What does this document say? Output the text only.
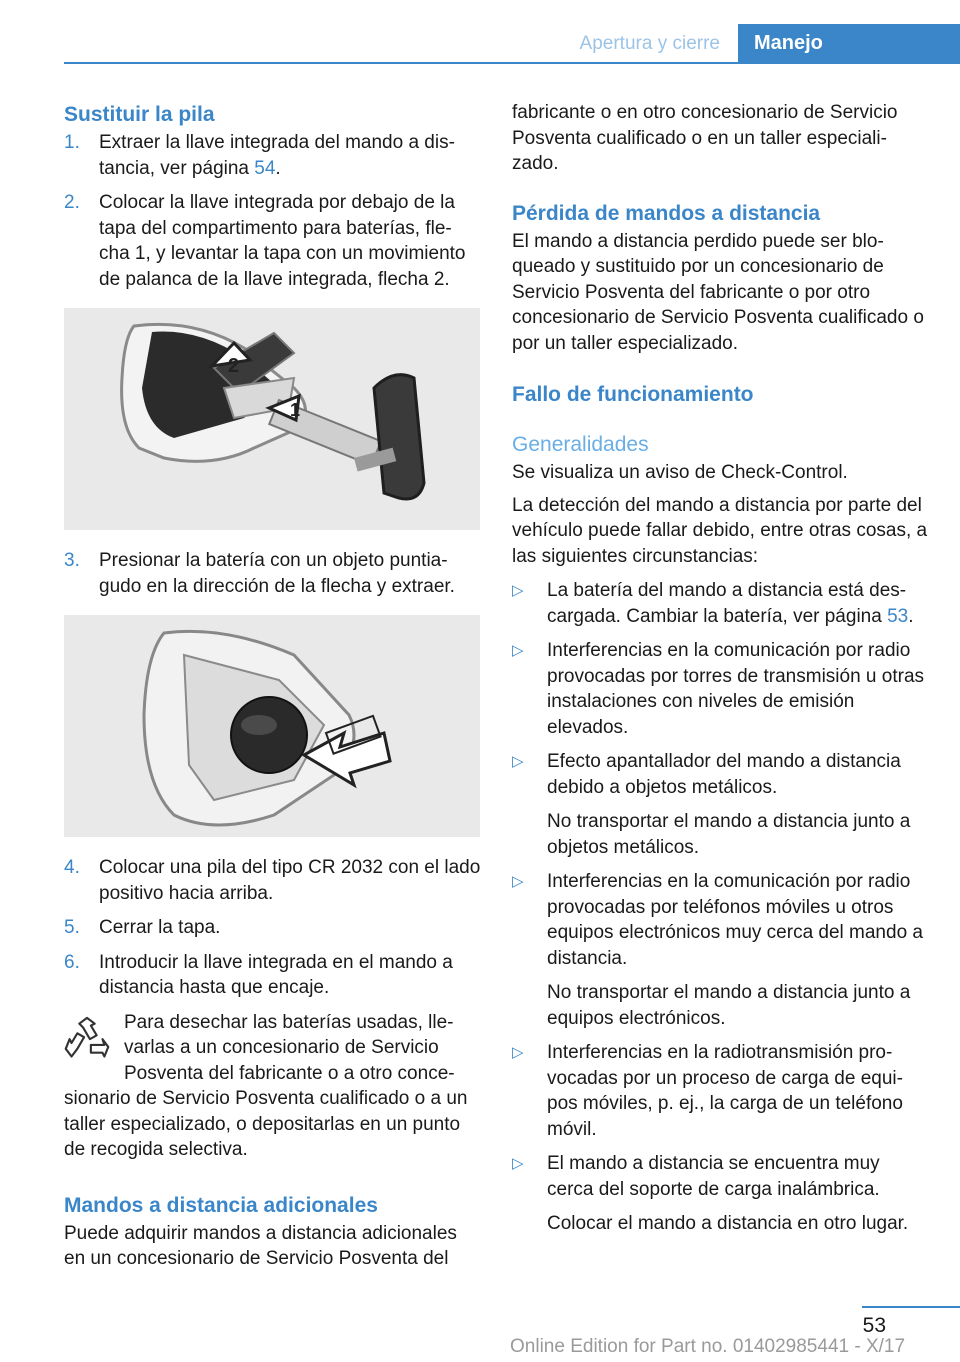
Apertura y cierre	Manejo
Sustituir la pila
1.	Extraer la llave integrada del mando a dis‐ tancia, ver página 54.
2.	Colocar la llave integrada por debajo de la tapa del compartimento para baterías, fle‐ cha 1, y levantar la tapa con un movimiento de palanca de la llave integrada, flecha 2.
2
1
3.	Presionar la batería con un objeto puntia‐ gudo en la dirección de la flecha y extraer.
4.	Colocar una pila del tipo CR 2032 con el lado positivo hacia arriba.
5.	Cerrar la tapa.
6.	Introducir la llave integrada en el mando a distancia hasta que encaje.

Para desechar las baterías usadas, lle‐ varlas a un concesionario de Servicio Posventa del fabricante o a otro conce‐ sionario de Servicio Posventa cualificado o a un taller especializado, o depositarlas en un punto de recogida selectiva.

Mandos a distancia adicionales

Puede adquirir mandos a distancia adicionales en un concesionario de Servicio Posventa del

fabricante o en otro concesionario de Servicio Posventa cualificado o en un taller especiali‐ zado.

Pérdida de mandos a distancia

El mando a distancia perdido puede ser blo‐ queado y sustituido por un concesionario de Servicio Posventa del fabricante o por otro concesionario de Servicio Posventa cualificado o por un taller especializado.

Fallo de funcionamiento
Generalidades

Se visualiza un aviso de Check-Control.

La detección del mando a distancia por parte del vehículo puede fallar debido, entre otras cosas, a las siguientes circunstancias:

▷	La batería del mando a distancia está des‐ cargada. Cambiar la batería, ver página 53.
▷	Interferencias en la comunicación por radio provocadas por torres de transmisión u otras instalaciones con niveles de emisión elevados.
▷	Efecto apantallador del mando a distancia debido a objetos metálicos.

No transportar el mando a distancia junto a objetos metálicos.

▷	Interferencias en la comunicación por radio provocadas por teléfonos móviles u otros equipos electrónicos muy cerca del mando a distancia.

No transportar el mando a distancia junto a equipos electrónicos.

▷	Interferencias en la radiotransmisión pro‐ vocadas por un proceso de carga de equi‐ pos móviles, p. ej., la carga de un teléfono móvil.
▷	El mando a distancia se encuentra muy cerca del soporte de carga inalámbrica.

Colocar el mando a distancia en otro lugar.

53
Online Edition for Part no. 01402985441 - X/17
